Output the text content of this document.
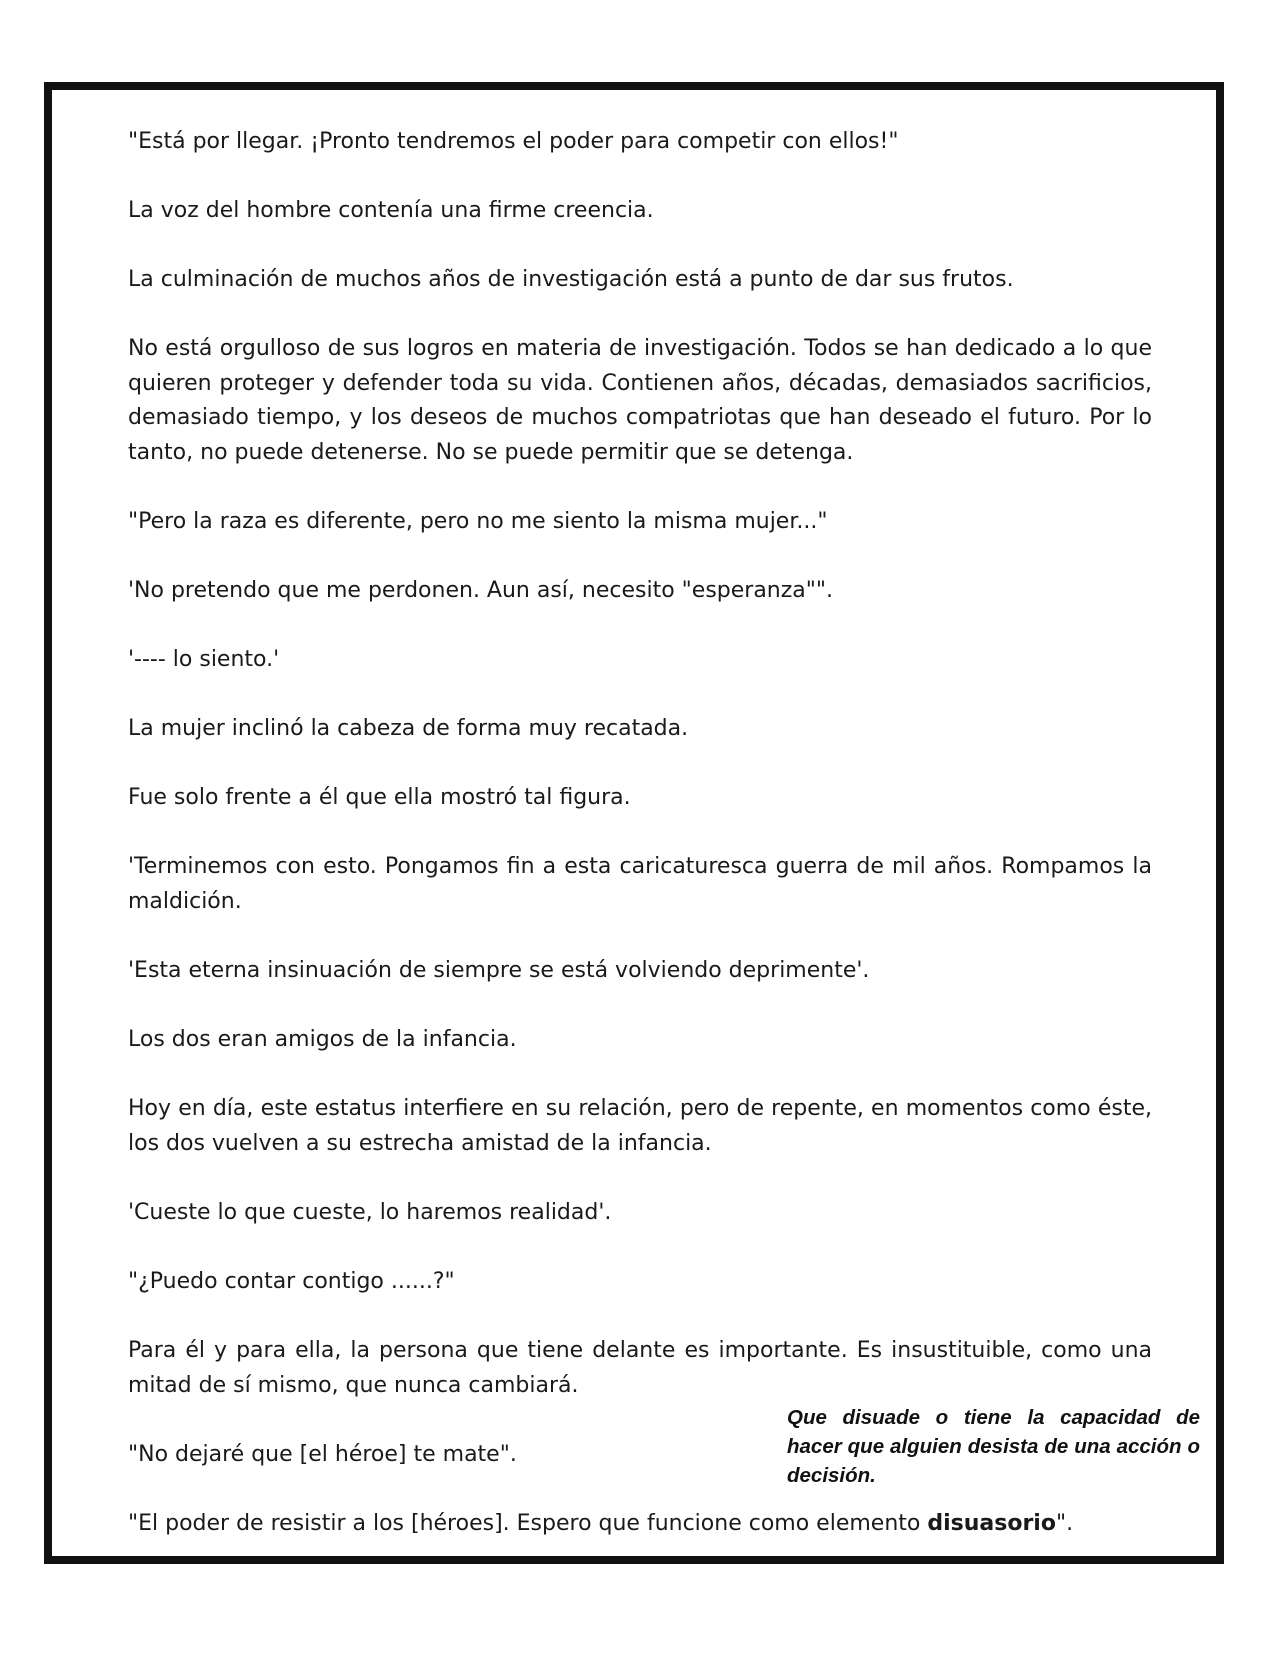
"Está por llegar. ¡Pronto tendremos el poder para competir con ellos!"

La voz del hombre contenía una firme creencia.

La culminación de muchos años de investigación está a punto de dar sus frutos.

No está orgulloso de sus logros en materia de investigación. Todos se han dedicado a lo que quieren proteger y defender toda su vida. Contienen años, décadas, demasiados sacrificios, demasiado tiempo, y los deseos de muchos compatriotas que han deseado el futuro. Por lo tanto, no puede detenerse. No se puede permitir que se detenga.

"Pero la raza es diferente, pero no me siento la misma mujer..."

'No pretendo que me perdonen. Aun así, necesito "esperanza"".

'---- lo siento.'

La mujer inclinó la cabeza de forma muy recatada.

Fue solo frente a él que ella mostró tal figura.

'Terminemos con esto. Pongamos fin a esta caricaturesca guerra de mil años. Rompamos la maldición.

'Esta eterna insinuación de siempre se está volviendo deprimente'.

Los dos eran amigos de la infancia.

Hoy en día, este estatus interfiere en su relación, pero de repente, en momentos como éste, los dos vuelven a su estrecha amistad de la infancia.

'Cueste lo que cueste, lo haremos realidad'.

"¿Puedo contar contigo ......?"

Para él y para ella, la persona que tiene delante es importante. Es insustituible, como una mitad de sí mismo, que nunca cambiará.

"No dejaré que [el héroe] te mate".

"El poder de resistir a los [héroes]. Espero que funcione como elemento disuasorio".

Que disuade o tiene la capacidad de hacer que alguien desista de una acción o decisión.
